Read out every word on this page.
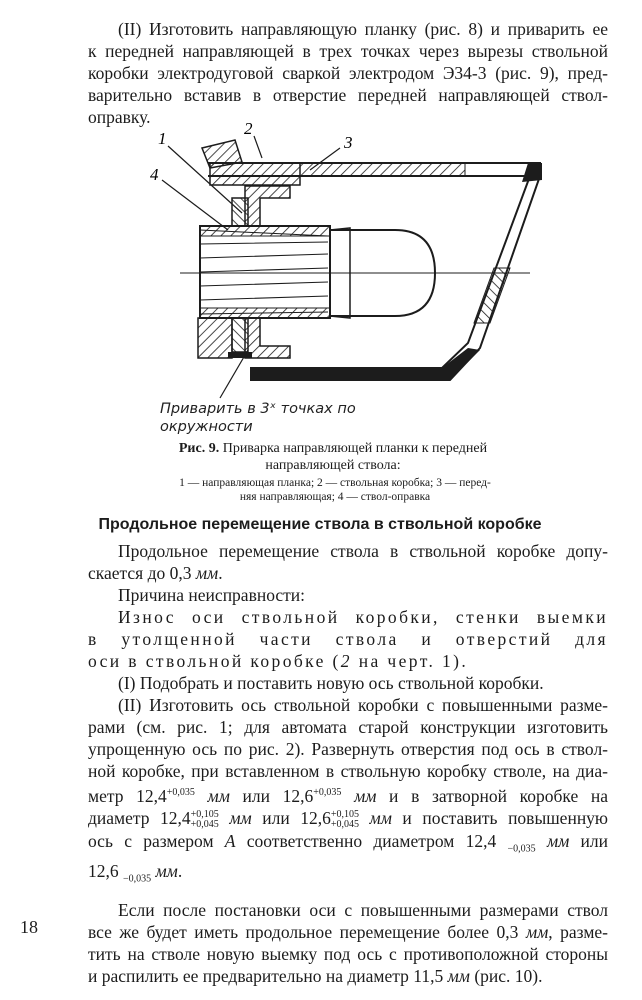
(II) Изготовить направляющую планку (рис. 8) и приварить ее
к передней направляющей в трех точках через вырезы ствольной
коробки электродуговой сваркой электродом Э34-3 (рис. 9), пред-
варительно вставив в отверстие передней направляющей ствол-
оправку.

1
2
3
4
Приварить в 3ˣ точках по
окружности
Рис. 9. Приварка направляющей планки к передней
направляющей ствола:
1 — направляющая планка; 2 — ствольная коробка; 3 — перед-
няя направляющая; 4 — ствол-оправка
Продольное перемещение ствола в ствольной коробке
Продольное перемещение ствола в ствольной коробке допу-
скается до 0,3 мм.
Причина неисправности:
Износ оси ствольной коробки, стенки выемки
в утолщенной части ствола и отверстий для
оси в ствольной коробке (2 на черт. 1).
(I) Подобрать и поставить новую ось ствольной коробки.
(II) Изготовить ось ствольной коробки с повышенными разме-
рами (см. рис. 1; для автомата старой конструкции изготовить
упрощенную ось по рис. 2). Развернуть отверстия под ось в ствол-
ной коробке, при вставленном в ствольную коробку стволе, на диа-
метр $12,4^{+0,035}$ мм или $12,6^{+0,035}$ мм и в затворной коробке на
диаметр 12,4+0,105
+0,045 мм или 12,6+0,105
+0,045 мм и поставить повышенную
ось с размером А соответственно диаметром 12,4 $_{-0,035}$ мм или
12,6 $_{-0,035}$ мм.
Если после постановки оси с повышенными размерами ствол
все же будет иметь продольное перемещение более 0,3 мм, разме-
тить на стволе новую выемку под ось с противоположной стороны
и распилить ее предварительно на диаметр 11,5 мм (рис. 10).
18
